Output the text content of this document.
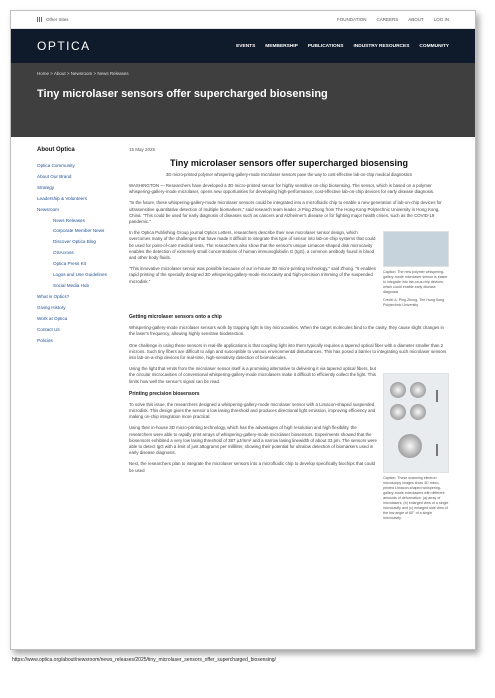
Other Sites	FOUNDATION CAREERS ABOUT LOG IN
OPTICA	EVENTS MEMBERSHIP PUBLICATIONS INDUSTRY RESOURCES COMMUNITY
Home > About > Newsroom > News Releases
Tiny microlaser sensors offer supercharged biosensing
About Optica
Optica Community
About Our Brand
Strategy
Leadership & Volunteers
Newsroom
News Releases
Corporate Member News
Discover Optica Blog
OSAcross
Optica Press Kit
Logos and Use Guidelines
Social Media Hub
What is Optics?
Giving History
Work at Optica
Contact Us
Policies
15 May 2025
Tiny microlaser sensors offer supercharged biosensing
3D micro-printed polymer whispering-gallery-mode microlaser sensors pave the way to cost-effective lab-on-chip medical diagnostics

WASHINGTON — Researchers have developed a 3D micro-printed sensor for highly sensitive on-chip biosensing. The sensor, which is based on a polymer whispering-gallery-mode microlaser, opens new opportunities for developing high-performance, cost-effective lab-on-chip devices for early disease diagnosis.

"In the future, these whispering-gallery-mode microlaser sensors could be integrated into a microfluidic chip to enable a new generation of lab-on-chip devices for ultrasensitive quantitative detection of multiple biomarkers," said research team leader Ji Ping Zhong from The Hong Kong Polytechnic University in Hong Kong, China. "This could be used for early diagnosis of diseases such as cancers and Alzheimer's disease or for fighting major health crises, such as the COVID-19 pandemic."

In the Optica Publishing Group journal Optics Letters, researchers describe their new microlaser sensor design, which overcomes many of the challenges that have made it difficult to integrate this type of sensor into lab-on-chip systems that could be used for point-of-care medical tests. The researchers also show that the sensor's unique Limacon-shaped disk microcavity enables the detection of extremely small concentrations of human immunoglobulin G (IgG), a common antibody found in blood and other body fluids.

"This innovative microlaser sensor was possible because of our in-house 3D micro-printing technology," said Zhong. "It enables rapid printing of the specially designed 3D whispering-gallery-mode microcavity and high-precision trimming of the suspended microdisk."

Caption: The new polymer whispering-gallery-mode microlaser sensor is easier to integrate into lab-on-a-chip devices, which could enable early disease diagnosis.
Credit: A. Ping Zhong, The Hong Kong Polytechnic University
Getting microlaser sensors onto a chip

Whispering-gallery-mode microlaser sensors work by trapping light in tiny microcavities. When the target molecules bind to the cavity, they cause slight changes in the laser's frequency, allowing highly sensitive biodetection.

One challenge in using these sensors in real-life applications is that coupling light into them typically requires a tapered optical fiber with a diameter smaller than 2 microns. Such tiny fibers are difficult to align and susceptible to various environmental disturbances. This has posed a barrier to integrating such microlaser sensors into lab-on-a-chip devices for real-time, high-sensitivity detection of biomolecules.

Using the light that emits from the microlaser sensor itself is a promising alternative to delivering it via tapered optical fibers, but the circular microcavities of conventional whispering-gallery-mode microlasers make it difficult to efficiently collect the light. This limits how well the sensor's signal can be read.

Printing precision biosensors

To solve this issue, the researchers designed a whispering-gallery-mode microlaser sensor with a Limacon-shaped suspended microdisk. This design gives the sensor a low lasing threshold and produces directional light emission, improving efficiency and making on-chip integration more practical.

Using their in-house 3D micro-printing technology, which has the advantages of high resolution and high flexibility, the researchers were able to rapidly print arrays of whispering-gallery-mode microlaser biosensors. Experiments showed that the biosensors exhibited a very low lasing threshold of 387 μJ/mm² and a narrow lasing linewidth of about 33 pm. The sensors were able to detect IgG with a limit of just attograms per milliliter, showing their potential for ultralow detection of biomarkers used in early disease diagnosis.

Next, the researchers plan to integrate the microlaser sensors into a microfluidic chip to develop specifically biochips that could be used

Caption: These scanning electron microscopy images show 3D micro-printed Limacon-shaped whispering-gallery-mode microlasers with different amounts of deformation. (a) array of microlasers, (b) enlarged view of a single microcavity and (c) enlarged side view of the low angle of 60° of a single microcavity.
https://www.optica.org/about/newsroom/news_releases/2025/tiny_microlaser_sensors_offer_supercharged_biosensing/
